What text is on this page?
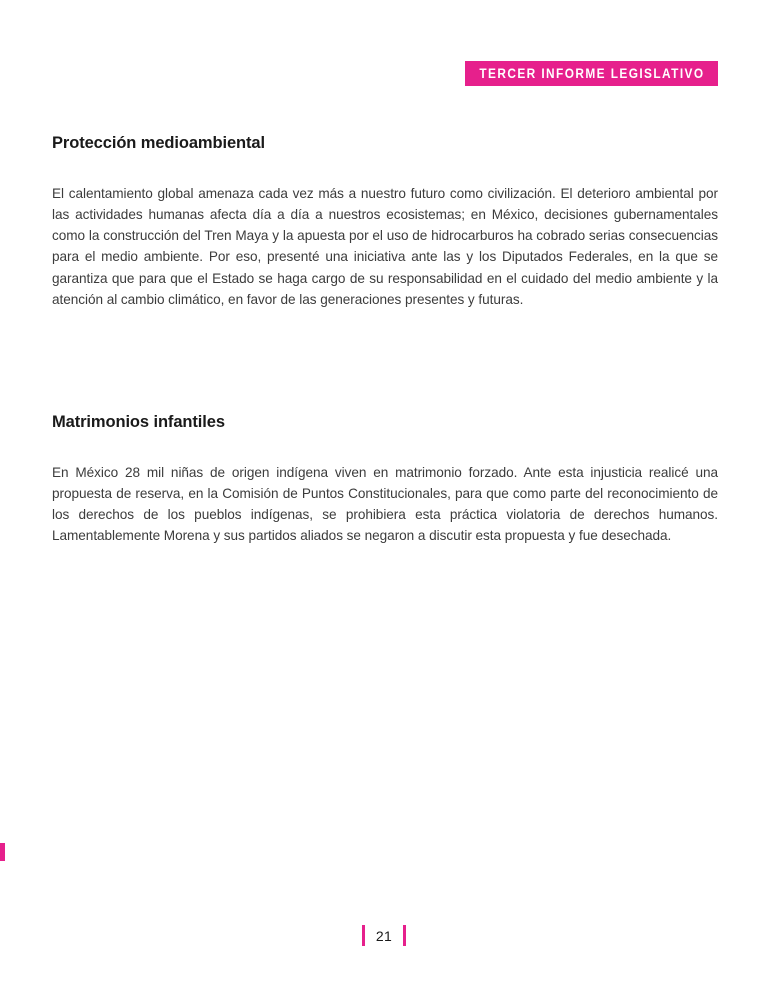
TERCER INFORME LEGISLATIVO
Protección medioambiental

El calentamiento global amenaza cada vez más a nuestro futuro como civilización. El deterioro ambiental por las actividades humanas afecta día a día a nuestros ecosistemas; en México, decisiones gubernamentales como la construcción del Tren Maya y la apuesta por el uso de hidrocarburos ha cobrado serias consecuencias para el medio ambiente. Por eso, presenté una iniciativa ante las y los Diputados Federales, en la que se garantiza que para que el Estado se haga cargo de su responsabilidad en el cuidado del medio ambiente y la atención al cambio climático, en favor de las generaciones presentes y futuras.

Matrimonios infantiles

En México 28 mil niñas de origen indígena viven en matrimonio forzado. Ante esta injusticia realicé una propuesta de reserva, en la Comisión de Puntos Constitucionales, para que como parte del reconocimiento de los derechos de los pueblos indígenas, se prohibiera esta práctica violatoria de derechos humanos. Lamentablemente Morena y sus partidos aliados se negaron a discutir esta propuesta y fue desechada.

21
